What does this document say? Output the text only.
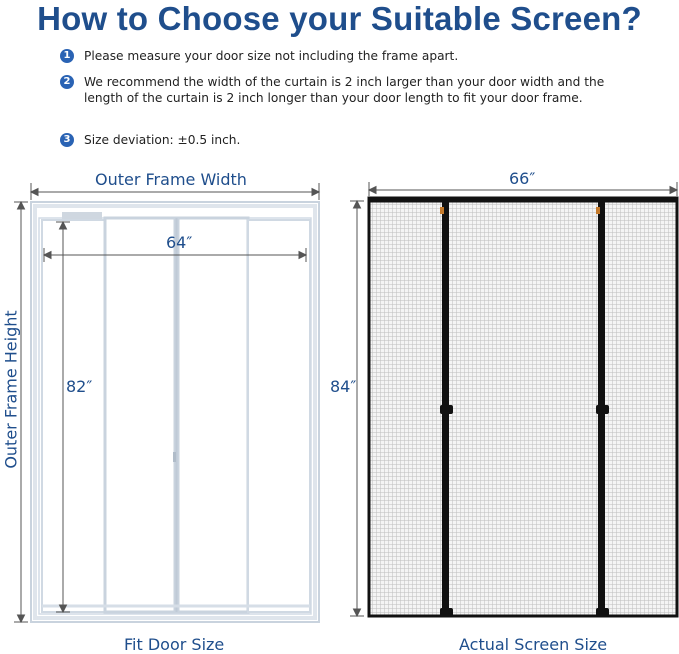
How to Choose your Suitable Screen?
1 Please measure your door size not including the frame apart.
2 We recommend the width of the curtain is 2 inch larger than your door width and the length of the curtain is 2 inch longer than your door length to fit your door frame.
3 Size deviation: ±0.5 inch.
Outer Frame Width
Outer Frame Height
64″
82″
Fit Door Size
66″
84″
Actual Screen Size
